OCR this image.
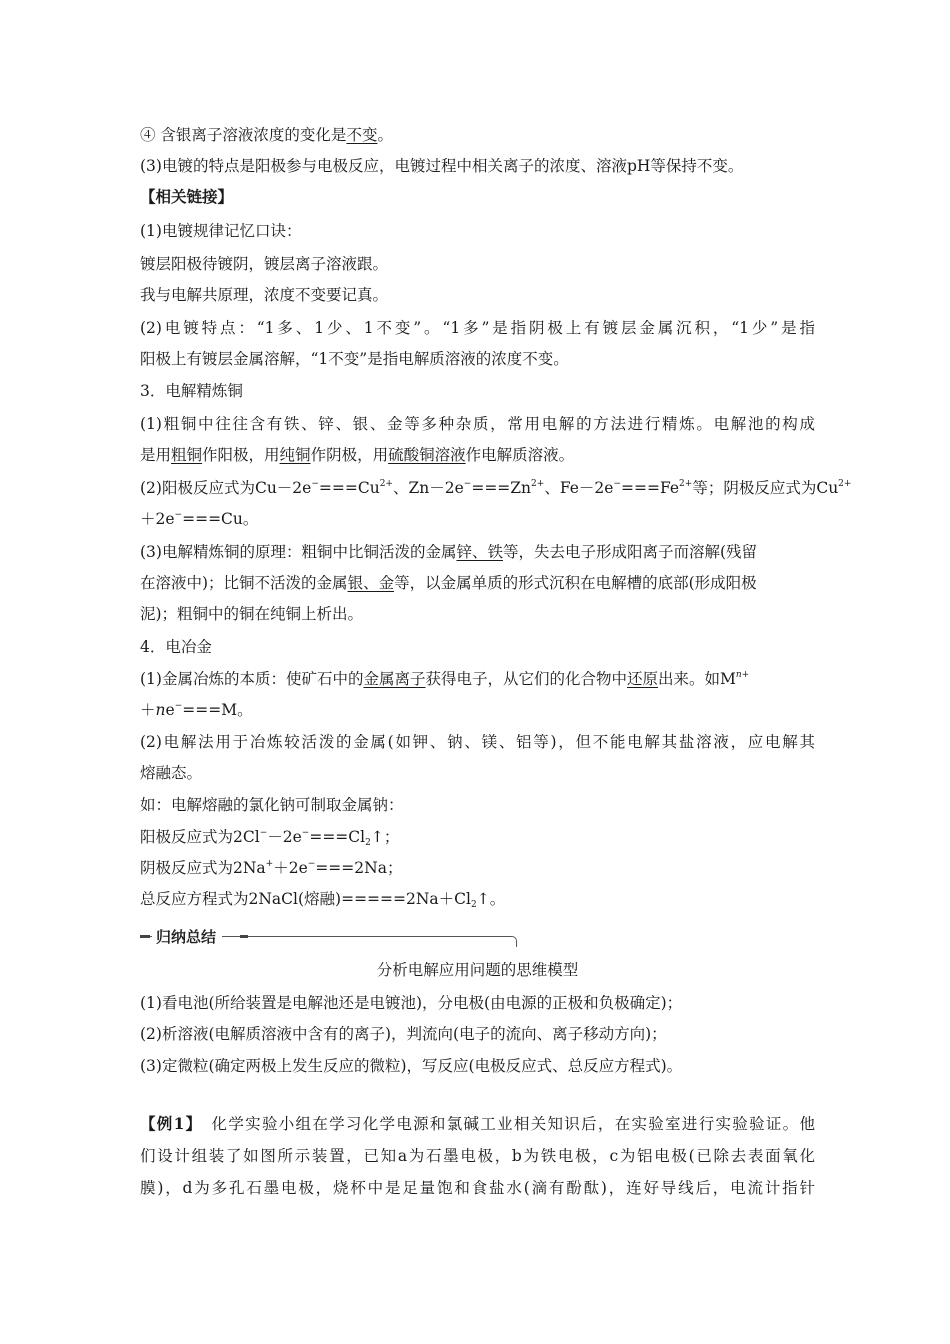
④ 含银离子溶液浓度的变化是不变。
(3)电镀的特点是阳极参与电极反应，电镀过程中相关离子的浓度、溶液pH等保持不变。
【相关链接】
(1)电镀规律记忆口诀：
镀层阳极待镀阴，镀层离子溶液跟。
我与电解共原理，浓度不变要记真。
(2)电镀特点：“1多、1少、1不变”。“1多”是指阴极上有镀层金属沉积，“1少”是指
阳极上有镀层金属溶解，“1不变”是指电解质溶液的浓度不变。
3．电解精炼铜
(1)粗铜中往往含有铁、锌、银、金等多种杂质，常用电解的方法进行精炼。电解池的构成
是用粗铜作阳极，用纯铜作阴极，用硫酸铜溶液作电解质溶液。
(2)阳极反应式为$Cu-2e^-===Cu^{2+}$、$Zn-2e^-===Zn^{2+}$、$Fe-2e^-===Fe^{2+}$等；阴极反应式为$Cu^{2+}$
＋2e−===Cu。
(3)电解精炼铜的原理：粗铜中比铜活泼的金属锌、铁等，失去电子形成阳离子而溶解(残留
在溶液中)；比铜不活泼的金属银、金等，以金属单质的形式沉积在电解槽的底部(形成阳极
泥)；粗铜中的铜在纯铜上析出。
4．电冶金
(1)金属冶炼的本质：使矿石中的金属离子获得电子，从它们的化合物中还原出来。如$M^{n+}$
＋ne−===M。
(2)电解法用于冶炼较活泼的金属(如钾、钠、镁、铝等)，但不能电解其盐溶液，应电解其
熔融态。
如：电解熔融的氯化钠可制取金属钠：
阳极反应式为$2Cl^--2e^-===Cl_2↑$；
阴极反应式为2Na+＋2e−===2Na；
总反应方程式为2NaCl(熔融)$=====2Na+Cl_2↑$。
归纳总结
分析电解应用问题的思维模型
(1)看电池(所给装置是电解池还是电镀池)，分电极(由电源的正极和负极确定)；
(2)析溶液(电解质溶液中含有的离子)，判流向(电子的流向、离子移动方向)；
(3)定微粒(确定两极上发生反应的微粒)，写反应(电极反应式、总反应方程式)。
【例1】　 化学实验小组在学习化学电源和氯碱工业相关知识后，在实验室进行实验验证。他
们设计组装了如图所示装置，已知a为石墨电极，b为铁电极，c为铝电极(已除去表面氧化
膜)，d为多孔石墨电极，烧杯中是足量饱和食盐水(滴有酚酞)，连好导线后，电流计指针
